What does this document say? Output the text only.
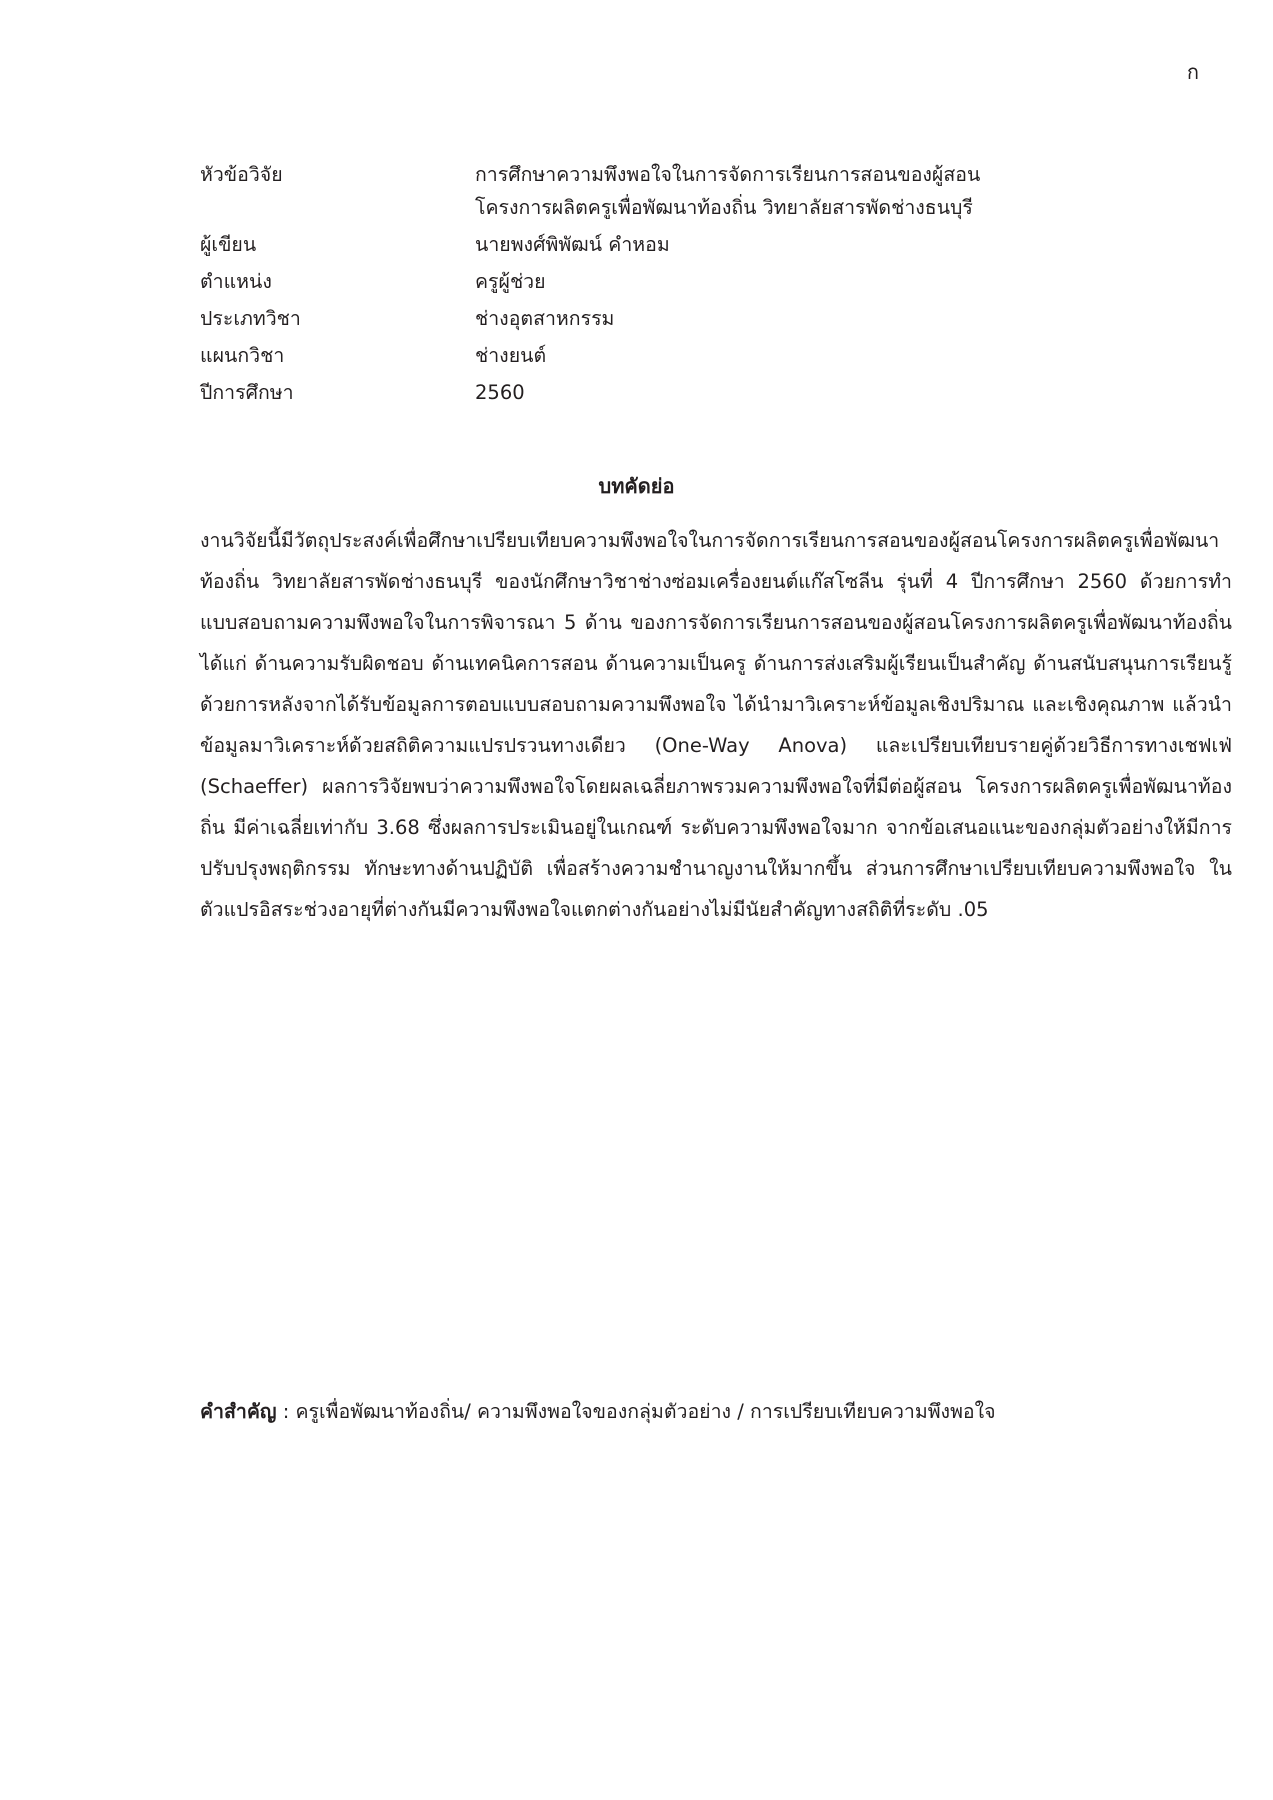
ก
หัวข้อวิจัย	การศึกษาความพึงพอใจในการจัดการเรียนการสอนของผู้สอน
โครงการผลิตครูเพื่อพัฒนาท้องถิ่น วิทยาลัยสารพัดช่างธนบุรี
ผู้เขียน	นายพงศ์พิพัฒน์ คำหอม
ตำแหน่ง	ครูผู้ช่วย
ประเภทวิชา	ช่างอุตสาหกรรม
แผนกวิชา	ช่างยนต์
ปีการศึกษา	2560
บทคัดย่อ

งานวิจัยนี้มีวัตถุประสงค์เพื่อศึกษาเปรียบเทียบความพึงพอใจในการจัดการเรียนการสอนของผู้สอนโครงการผลิตครูเพื่อพัฒนาท้องถิ่น วิทยาลัยสารพัดช่างธนบุรี ของนักศึกษาวิชาช่างซ่อมเครื่องยนต์แก๊สโซลีน รุ่นที่ 4 ปีการศึกษา 2560 ด้วยการทำแบบสอบถามความพึงพอใจในการพิจารณา 5 ด้าน ของการจัดการเรียนการสอนของผู้สอนโครงการผลิตครูเพื่อพัฒนาท้องถิ่น ได้แก่ ด้านความรับผิดชอบ ด้านเทคนิคการสอน ด้านความเป็นครู ด้านการส่งเสริมผู้เรียนเป็นสำคัญ ด้านสนับสนุนการเรียนรู้ ด้วยการหลังจากได้รับข้อมูลการตอบแบบสอบถามความพึงพอใจ ได้นำมาวิเคราะห์ข้อมูลเชิงปริมาณ และเชิงคุณภาพ แล้วนำข้อมูลมาวิเคราะห์ด้วยสถิติความแปรปรวนทางเดียว (One-Way Anova) และเปรียบเทียบรายคู่ด้วยวิธีการทางเชฟเฟ่ (Schaeffer) ผลการวิจัยพบว่าความพึงพอใจโดยผลเฉลี่ยภาพรวมความพึงพอใจที่มีต่อผู้สอน โครงการผลิตครูเพื่อพัฒนาท้องถิ่น มีค่าเฉลี่ยเท่ากับ 3.68 ซึ่งผลการประเมินอยู่ในเกณฑ์ ระดับความพึงพอใจมาก จากข้อเสนอแนะของกลุ่มตัวอย่างให้มีการปรับปรุงพฤติกรรม ทักษะทางด้านปฏิบัติ เพื่อสร้างความชำนาญงานให้มากขึ้น ส่วนการศึกษาเปรียบเทียบความพึงพอใจ ในตัวแปรอิสระช่วงอายุที่ต่างกันมีความพึงพอใจแตกต่างกันอย่างไม่มีนัยสำคัญทางสถิติที่ระดับ .05

คำสำคัญ : ครูเพื่อพัฒนาท้องถิ่น/ ความพึงพอใจของกลุ่มตัวอย่าง / การเปรียบเทียบความพึงพอใจ
